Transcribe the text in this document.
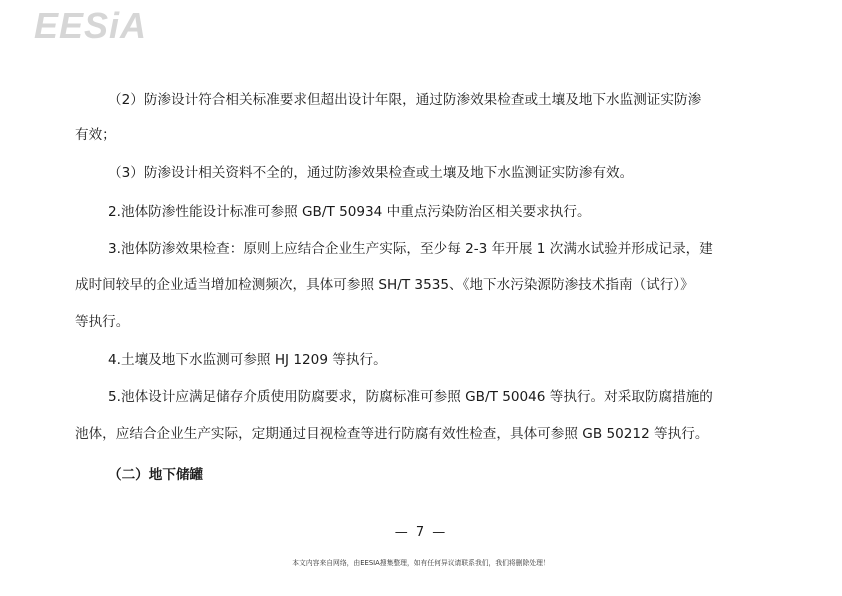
EESiA

（2）防渗设计符合相关标准要求但超出设计年限，通过防渗效果检查或土壤及地下水监测证实防渗

有效；

（3）防渗设计相关资料不全的，通过防渗效果检查或土壤及地下水监测证实防渗有效。

2.池体防渗性能设计标准可参照 GB/T 50934 中重点污染防治区相关要求执行。

3.池体防渗效果检查：原则上应结合企业生产实际，至少每 2-3 年开展 1 次满水试验并形成记录，建

成时间较早的企业适当增加检测频次，具体可参照 SH/T 3535、《地下水污染源防渗技术指南（试行）》

等执行。

4.土壤及地下水监测可参照 HJ 1209 等执行。

5.池体设计应满足储存介质使用防腐要求，防腐标准可参照 GB/T 50046 等执行。对采取防腐措施的

池体，应结合企业生产实际，定期通过目视检查等进行防腐有效性检查，具体可参照 GB 50212 等执行。

（二）地下储罐
— 7 —
本文内容来自网络，由EESIA搜集整理，如有任何异议请联系我们，我们将删除处理！
